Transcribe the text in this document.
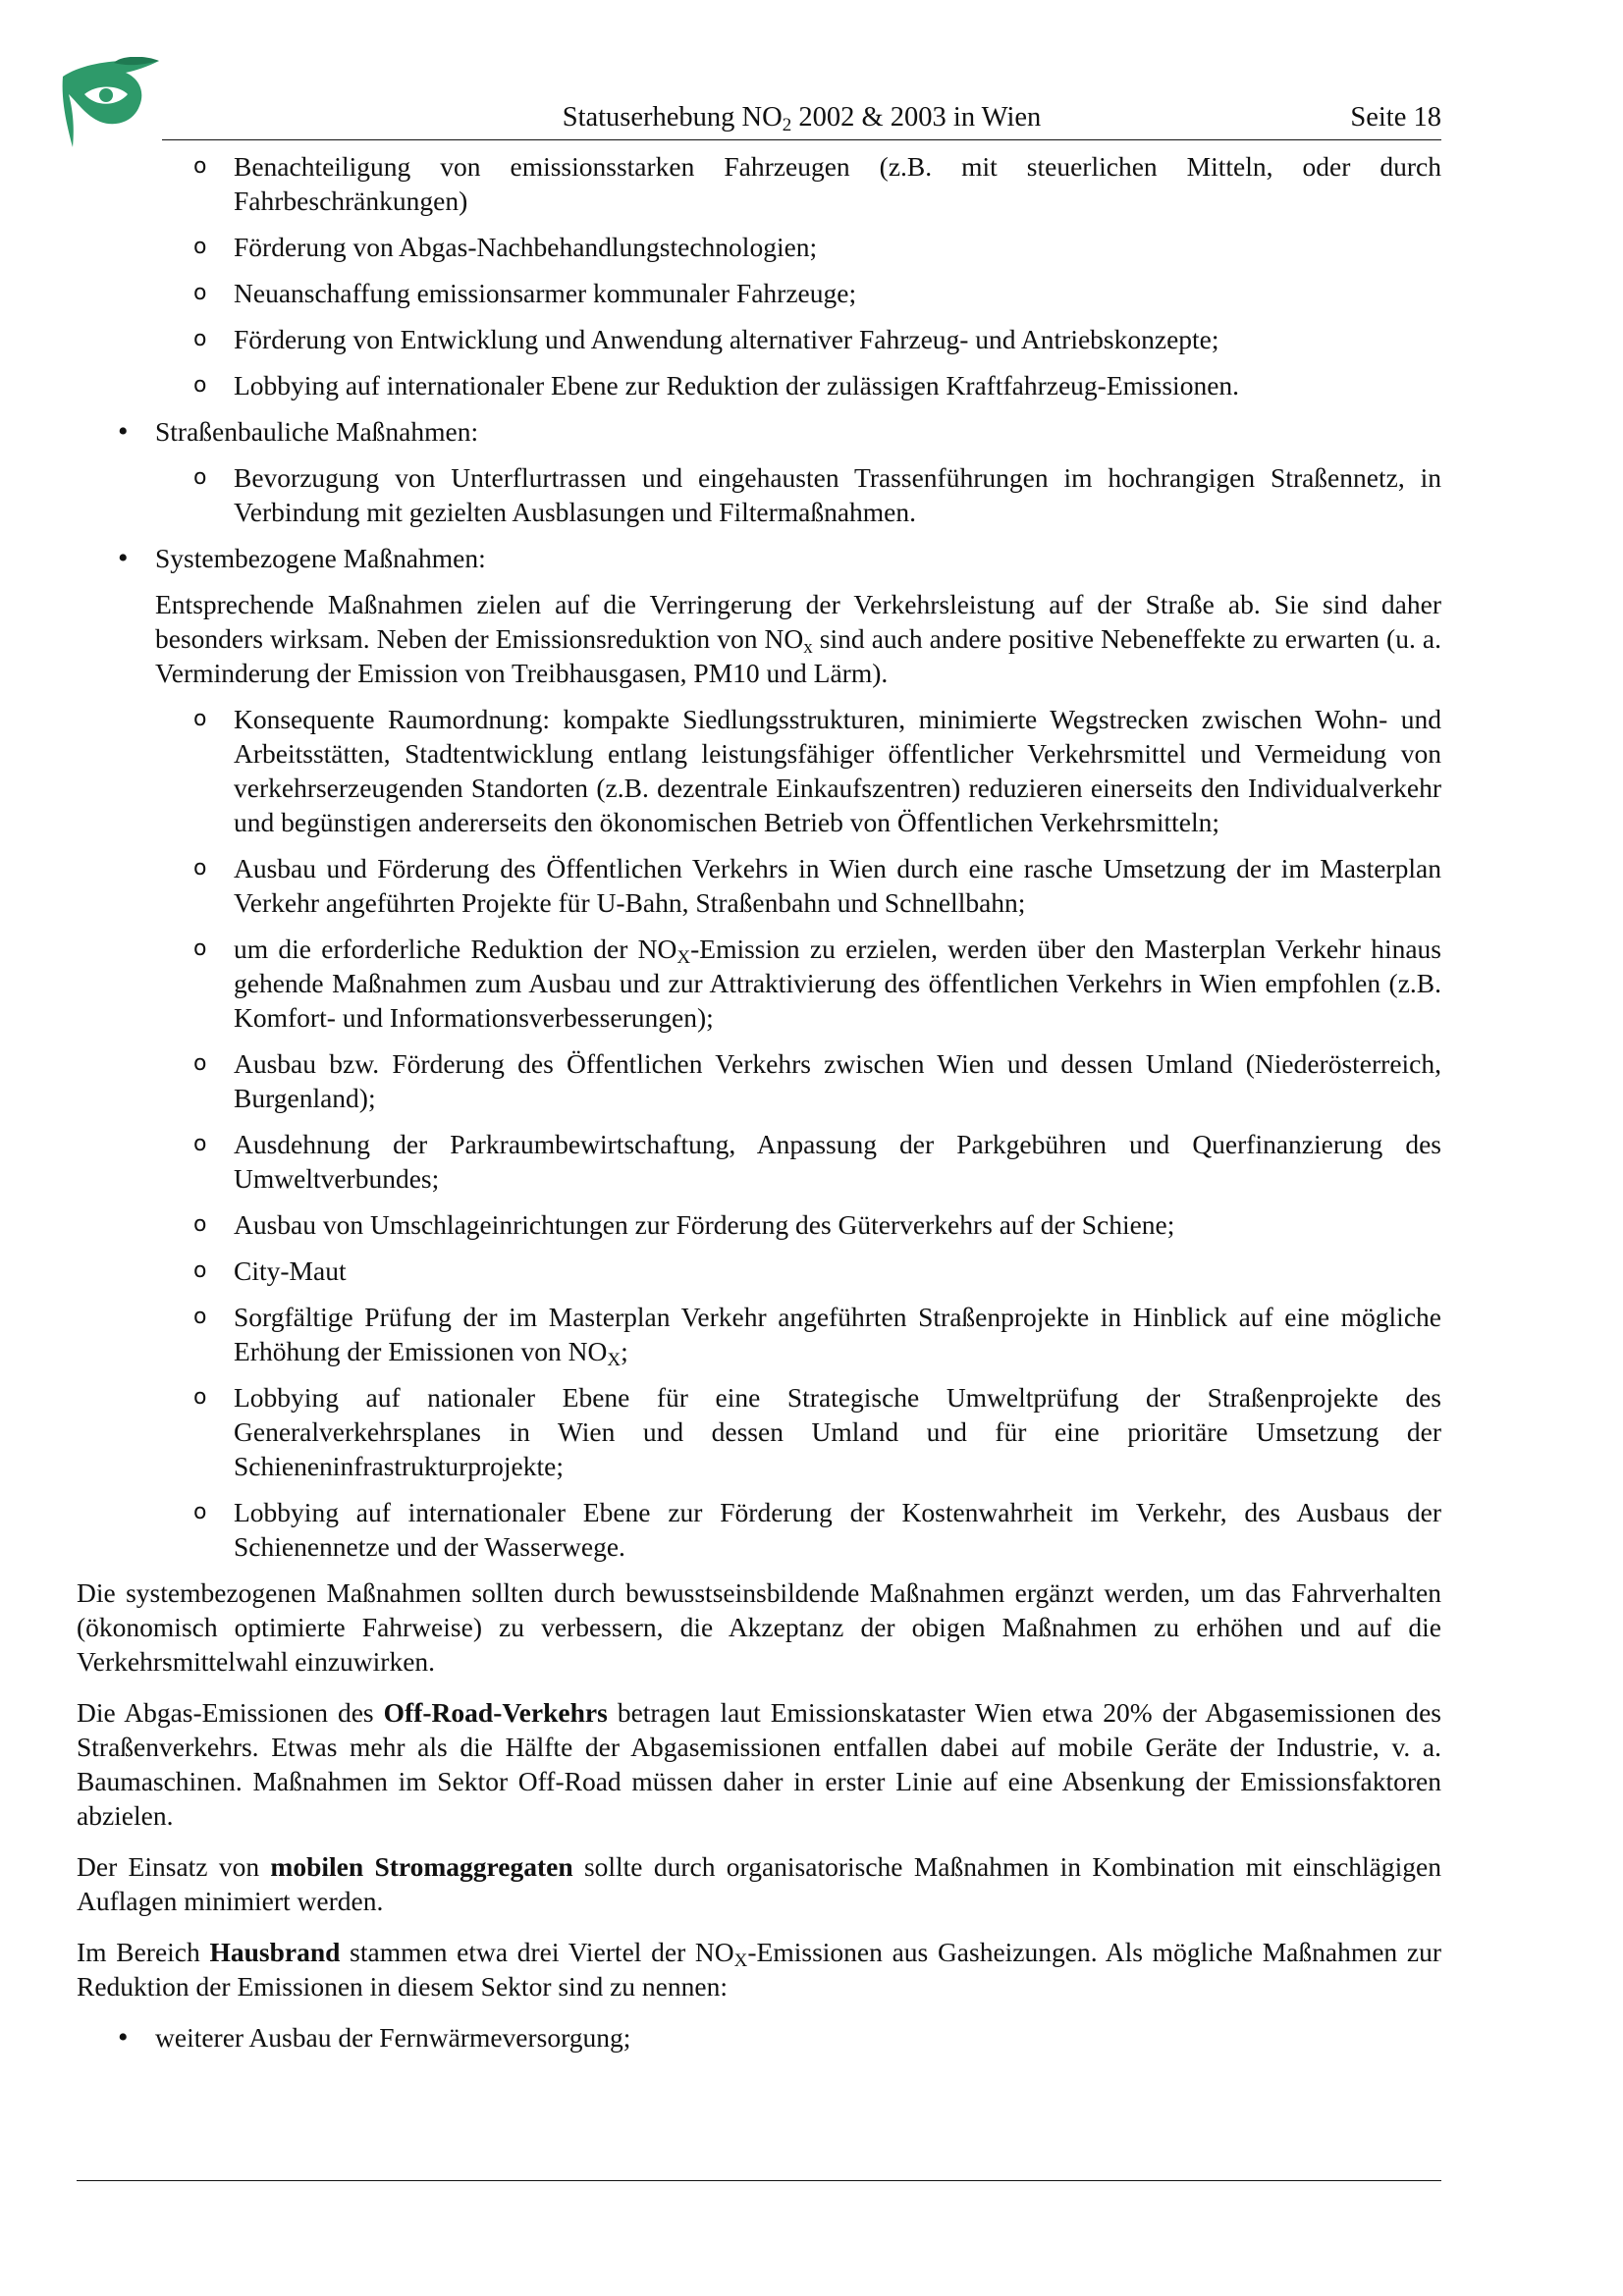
Statuserhebung $NO_2$ 2002 & 2003 in Wien	Seite 18
o Benachteiligung von emissionsstarken Fahrzeugen (z.B. mit steuerlichen Mitteln, oder durch Fahrbeschränkungen)
o Förderung von Abgas-Nachbehandlungstechnologien;
o Neuanschaffung emissionsarmer kommunaler Fahrzeuge;
o Förderung von Entwicklung und Anwendung alternativer Fahrzeug- und Antriebskonzepte;
o Lobbying auf internationaler Ebene zur Reduktion der zulässigen Kraftfahrzeug-Emissionen.
• Straßenbauliche Maßnahmen:
o Bevorzugung von Unterflurtrassen und eingehausten Trassenführungen im hochrangigen Straßennetz, in Verbindung mit gezielten Ausblasungen und Filtermaßnahmen.
• Systembezogene Maßnahmen:
Entsprechende Maßnahmen zielen auf die Verringerung der Verkehrsleistung auf der Straße ab. Sie sind daher besonders wirksam. Neben der Emissionsreduktion von $NO_x$ sind auch andere positive Nebeneffekte zu erwarten (u. a. Verminderung der Emission von Treibhausgasen, PM10 und Lärm).
o Konsequente Raumordnung: kompakte Siedlungsstrukturen, minimierte Wegstrecken zwischen Wohn- und Arbeitsstätten, Stadtentwicklung entlang leistungsfähiger öffentlicher Verkehrsmittel und Vermeidung von verkehrserzeugenden Standorten (z.B. dezentrale Einkaufszentren) reduzieren einerseits den Individualverkehr und begünstigen andererseits den ökonomischen Betrieb von Öffentlichen Verkehrsmitteln;
o Ausbau und Förderung des Öffentlichen Verkehrs in Wien durch eine rasche Umsetzung der im Masterplan Verkehr angeführten Projekte für U-Bahn, Straßenbahn und Schnellbahn;
o um die erforderliche Reduktion der $NO_X$-Emission zu erzielen, werden über den Masterplan Verkehr hinaus gehende Maßnahmen zum Ausbau und zur Attraktivierung des öffentlichen Verkehrs in Wien empfohlen (z.B. Komfort- und Informationsverbesserungen);
o Ausbau bzw. Förderung des Öffentlichen Verkehrs zwischen Wien und dessen Umland (Niederösterreich, Burgenland);
o Ausdehnung der Parkraumbewirtschaftung, Anpassung der Parkgebühren und Querfinanzierung des Umweltverbundes;
o Ausbau von Umschlageinrichtungen zur Förderung des Güterverkehrs auf der Schiene;
o City-Maut
o Sorgfältige Prüfung der im Masterplan Verkehr angeführten Straßenprojekte in Hinblick auf eine mögliche Erhöhung der Emissionen von $NO_X$;
o Lobbying auf nationaler Ebene für eine Strategische Umweltprüfung der Straßenprojekte des Generalverkehrsplanes in Wien und dessen Umland und für eine prioritäre Umsetzung der Schieneninfrastrukturprojekte;
o Lobbying auf internationaler Ebene zur Förderung der Kostenwahrheit im Verkehr, des Ausbaus der Schienennetze und der Wasserwege.
Die systembezogenen Maßnahmen sollten durch bewusstseinsbildende Maßnahmen ergänzt werden, um das Fahrverhalten (ökonomisch optimierte Fahrweise) zu verbessern, die Akzeptanz der obigen Maßnahmen zu erhöhen und auf die Verkehrsmittelwahl einzuwirken.
Die Abgas-Emissionen des Off-Road-Verkehrs betragen laut Emissionskataster Wien etwa 20% der Abgasemissionen des Straßenverkehrs. Etwas mehr als die Hälfte der Abgasemissionen entfallen dabei auf mobile Geräte der Industrie, v. a. Baumaschinen. Maßnahmen im Sektor Off-Road müssen daher in erster Linie auf eine Absenkung der Emissionsfaktoren abzielen.
Der Einsatz von mobilen Stromaggregaten sollte durch organisatorische Maßnahmen in Kombination mit einschlägigen Auflagen minimiert werden.
Im Bereich Hausbrand stammen etwa drei Viertel der $NO_X$-Emissionen aus Gasheizungen. Als mögliche Maßnahmen zur Reduktion der Emissionen in diesem Sektor sind zu nennen:
• weiterer Ausbau der Fernwärmeversorgung;
